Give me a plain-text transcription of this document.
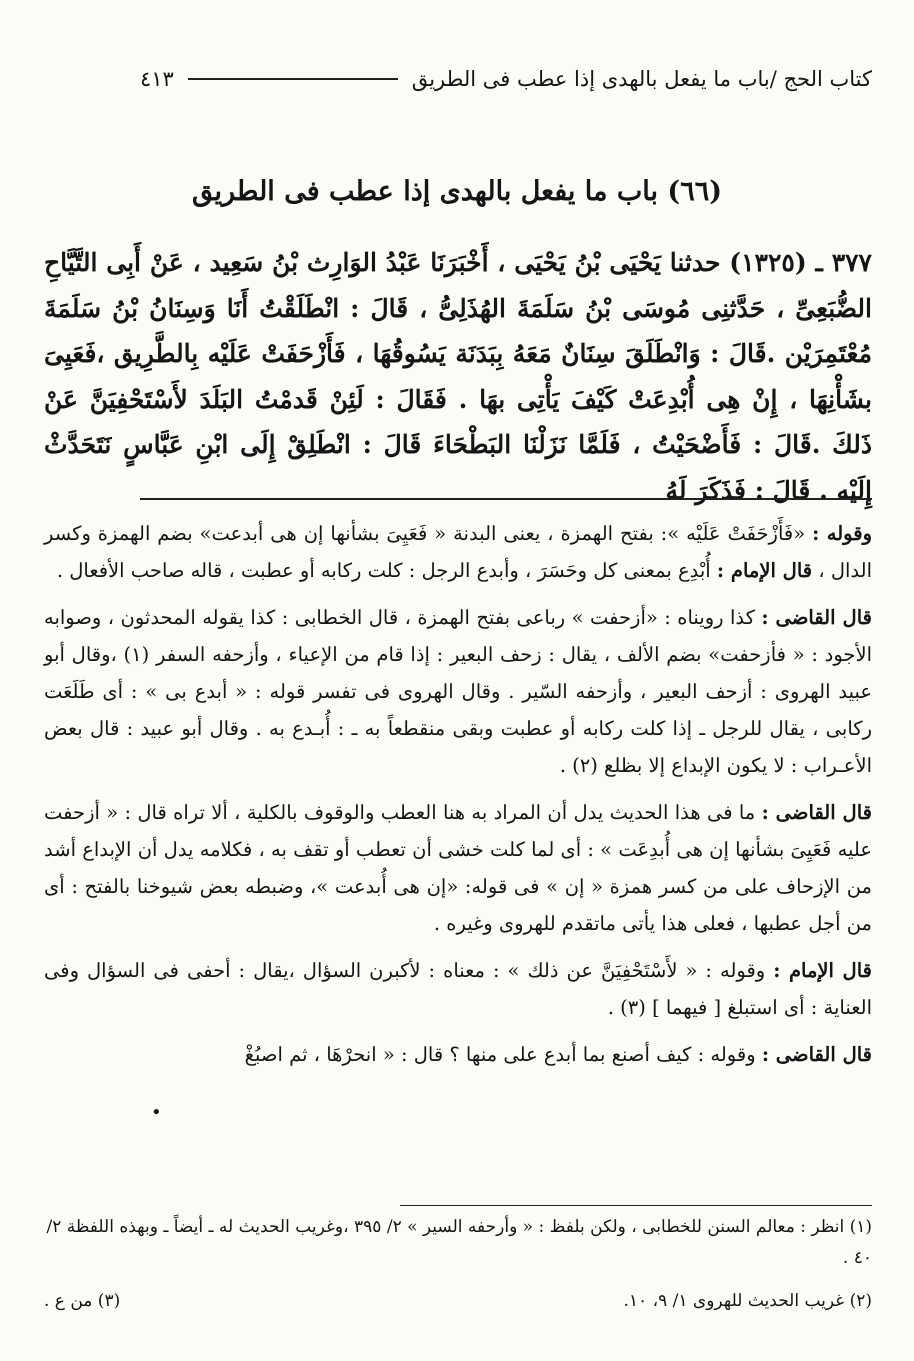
كتاب الحج /باب ما يفعل بالهدى إذا عطب فى الطريق
٤١٣
(٦٦) باب ما يفعل بالهدى إذا عطب فى الطريق
٣٧٧ ـ (١٣٢٥) حدثنا يَحْيَى بْنُ يَحْيَى ، أَخْبَرَنَا عَبْدُ الوَارِث بْنُ سَعِيد ، عَنْ أَبِى التَّيَّاحِ الضُّبَعِىِّ ، حَدَّثنِى مُوسَى بْنُ سَلَمَةَ الهُذَلِىُّ ، قَالَ : انْطَلَقْتُ أَنَا وَسِنَانُ بْنُ سَلَمَةَ مُعْتَمِرَيْن .قَالَ : وَانْطَلَقَ سِنَانٌ مَعَهُ بِبَدَنَة يَسُوقُهَا ، فَأَزْحَفَتْ عَلَيْه بِالطَّرِيق ،فَعَيِىَ بشَأْنِهَا ، إِنْ هِى أُبْدِعَتْ كَيْفَ يَأْتِى بهَا . فَقَالَ : لَئِنْ قَدمْتُ البَلَدَ لأَسْتَحْفِيَنَّ عَنْ ذَلكَ .قَالَ : فَأَضْحَيْتُ ، فَلَمَّا نَزَلْنَا البَطْحَاءَ قَالَ : انْطَلِقْ إِلَى ابْنِ عَبَّاسٍ نَتَحَدَّثْ إِلَيْه . قَالَ : فَذَكَرَ لَهُ

وقوله : «فَأَزْحَفَتْ عَلَيْه »: بفتح الهمزة ، يعنى البدنة « فَعَيِىَ بشأنها إن هى أبدعت» بضم الهمزة وكسر الدال ، قال الإمام : أُبْدِع بمعنى كل وحَسَرَ ، وأبدع الرجل : كلت ركابه أو عطبت ، قاله صاحب الأفعال .

قال القاضى : كذا رويناه : «أزحفت » رباعى بفتح الهمزة ، قال الخطابى : كذا يقوله المحدثون ، وصوابه الأجود : « فأزحفت» بضم الألف ، يقال : زحف البعير : إذا قام من الإعياء ، وأزحفه السفر (١) ،وقال أبو عبيد الهروى : أزحف البعير ، وأزحفه السّير . وقال الهروى فى تفسر قوله : « أبدع بى » : أى طَلَعَت ركابى ، يقال للرجل ـ إذا كلت ركابه أو عطبت وبقى منقطعاً به ـ : أُبـدع به . وقال أبو عبيد : قال بعض الأعـراب : لا يكون الإبداع إلا بظلع (٢) .

قال القاضى : ما فى هذا الحديث يدل أن المراد به هنا العطب والوقوف بالكلية ، ألا تراه قال : « أزحفت عليه فَعَيِىَ بشأنها إن هى أُبدِعَت » : أى لما كلت خشى أن تعطب أو تقف به ، فكلامه يدل أن الإبداع أشد من الإزحاف على من كسر همزة « إن » فى قوله: «إن هى أُبدعت »، وضبطه بعض شيوخنا بالفتح : أى من أجل عطبها ، فعلى هذا يأتى ماتقدم للهروى وغيره .

قال الإمام : وقوله : « لأَسْتَحْفِيَنَّ عن ذلك » : معناه : لأكبرن السؤال ،يقال : أحفى فى السؤال وفى العناية : أى استبلغ [ فيهما ] (٣) .

قال القاضى : وقوله : كيف أصنع بما أبدع على منها ؟ قال : « انحرْهَا ، ثم اصبُغْ

•

(١) انظر : معالم السنن للخطابى ، ولكن بلفظ : « وأرحفه السير » ٢/ ٣٩٥ ،وغريب الحديث له ـ أيضاً ـ وبهذه اللفظة ٢/ ٤٠ .

(٢) غريب الحديث للهروى ١/ ٩، ١٠.
(٣) من ع .
